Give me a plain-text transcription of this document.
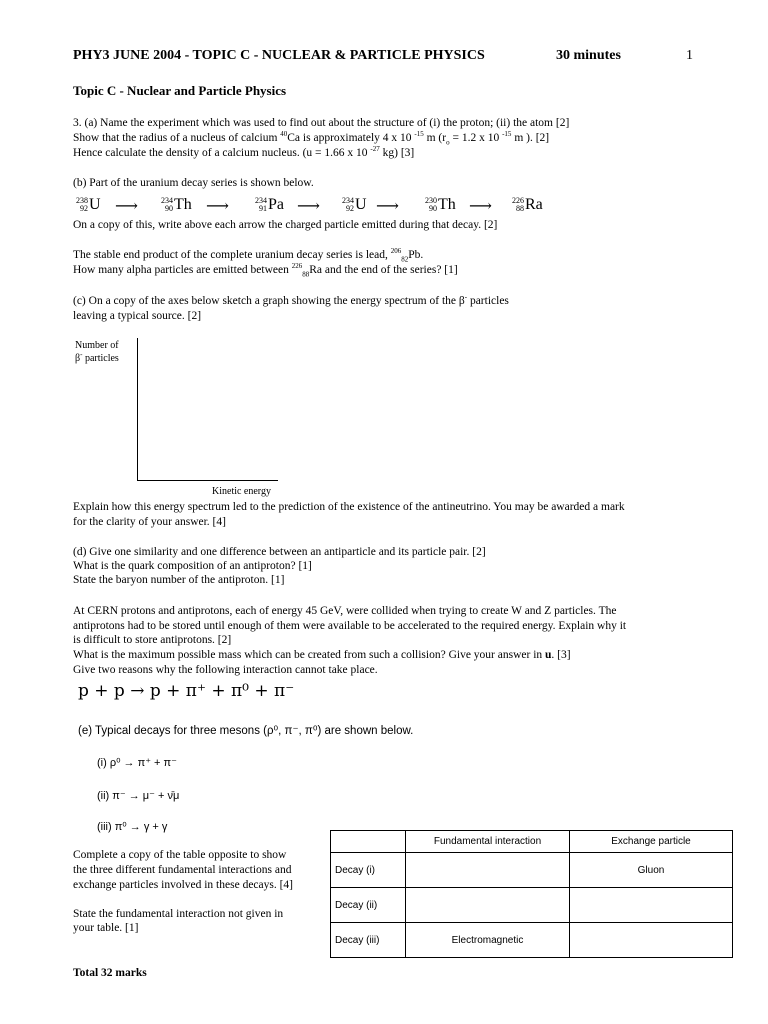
PHY3 JUNE 2004 - TOPIC C - NUCLEAR & PARTICLE PHYSICS	30 minutes	1
Topic C - Nuclear and Particle Physics
3. (a) Name the experiment which was used to find out about the structure of (i) the proton; (ii) the atom [2]
Show that the radius of a nucleus of calcium $^{40}$Ca is approximately 4 x 10 $^{-15}$ m ($r_o = 1.2$ x 10 $^{-15}$ m ). [2]
Hence calculate the density of a calcium nucleus. (u = 1.66 x 10 $^{-27}$ kg) [3]
(b) Part of the uranium decay series is shown below.
238
92 U ⟶	234
90 Th ⟶	234
91 Pa ⟶	234
92 U ⟶	230
90 Th ⟶	226
88 Ra
On a copy of this, write above each arrow the charged particle emitted during that decay. [2]
The stable end product of the complete uranium decay series is lead, $^{206}_{82}$Pb.
How many alpha particles are emitted between $^{226}_{88}$Ra and the end of the series? [1]
(c) On a copy of the axes below sketch a graph showing the energy spectrum of the β- particles
leaving a typical source. [2]
Number of
β- particles
Kinetic energy
Explain how this energy spectrum led to the prediction of the existence of the antineutrino. You may be awarded a mark
for the clarity of your answer. [4]
(d) Give one similarity and one difference between an antiparticle and its particle pair. [2]
What is the quark composition of an antiproton? [1]
State the baryon number of the antiproton. [1]
At CERN protons and antiprotons, each of energy 45 GeV, were collided when trying to create W and Z particles. The
antiprotons had to be stored until enough of them were available to be accelerated to the required energy. Explain why it
is difficult to store antiprotons. [2]
What is the maximum possible mass which can be created from such a collision? Give your answer in u. [3]
Give two reasons why the following interaction cannot take place.
p + p → p + π⁺ + π⁰ + π⁻
(e) Typical decays for three mesons (ρ⁰, π⁻, π⁰) are shown below.
(i) ρ⁰ → π⁺ + π⁻
(ii) π⁻ → μ⁻ + ν̄μ
(iii) π⁰ → γ + γ
Complete a copy of the table opposite to show
the three different fundamental interactions and
exchange particles involved in these decays. [4]
State the fundamental interaction not given in
your table. [1]
	Fundamental interaction	Exchange particle
Decay (i)		Gluon
Decay (ii)		
Decay (iii)	Electromagnetic	
Total 32 marks
